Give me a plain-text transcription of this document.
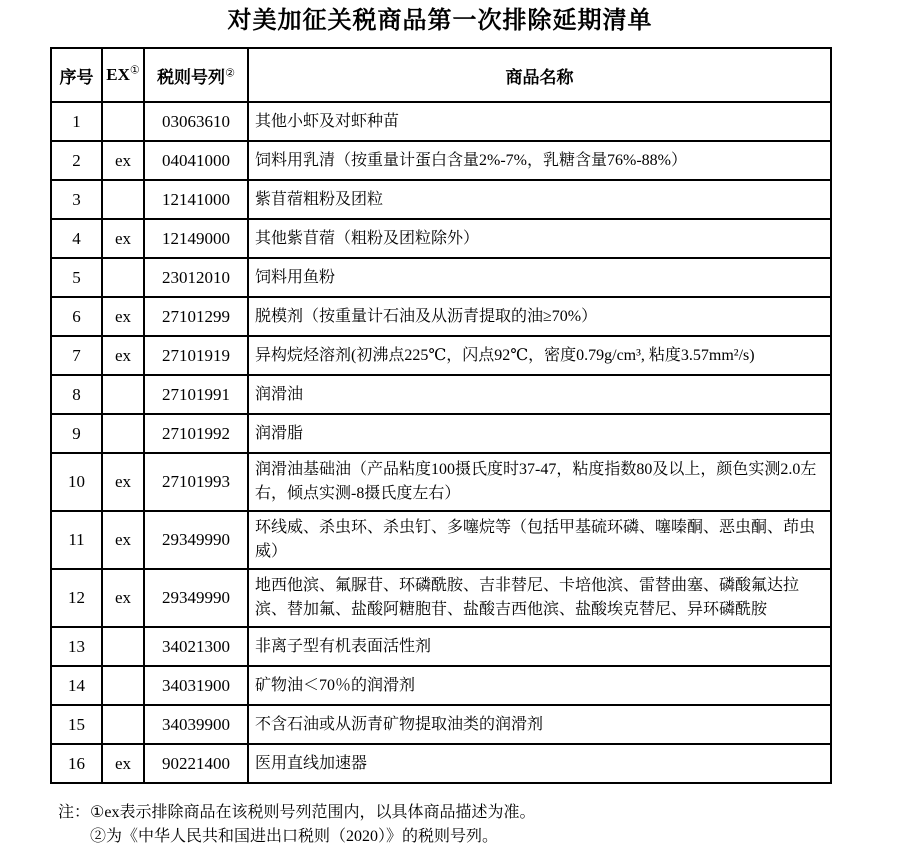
对美加征关税商品第一次排除延期清单
序号	EX①	税则号列②	商品名称
1		03063610	其他小虾及对虾种苗
2	ex	04041000	饲料用乳清（按重量计蛋白含量2%-7%，乳糖含量76%-88%）
3		12141000	紫苜蓿粗粉及团粒
4	ex	12149000	其他紫苜蓿（粗粉及团粒除外）
5		23012010	饲料用鱼粉
6	ex	27101299	脱模剂（按重量计石油及从沥青提取的油≥70%）
7	ex	27101919	异构烷烃溶剂(初沸点225℃，闪点92℃，密度0.79g/cm³, 粘度3.57mm²/s)
8		27101991	润滑油
9		27101992	润滑脂
10	ex	27101993	润滑油基础油（产品粘度100摄氏度时37-47，粘度指数80及以上，颜色实测2.0左右，倾点实测-8摄氏度左右）
11	ex	29349990	环线威、杀虫环、杀虫钉、多噻烷等（包括甲基硫环磷、噻嗪酮、恶虫酮、茚虫威）
12	ex	29349990	地西他滨、氟脲苷、环磷酰胺、吉非替尼、卡培他滨、雷替曲塞、磷酸氟达拉滨、替加氟、盐酸阿糖胞苷、盐酸吉西他滨、盐酸埃克替尼、异环磷酰胺
13		34021300	非离子型有机表面活性剂
14		34031900	矿物油＜70％的润滑剂
15		34039900	不含石油或从沥青矿物提取油类的润滑剂
16	ex	90221400	医用直线加速器
注： ①ex表示排除商品在该税则号列范围内，以具体商品描述为准。
②为《中华人民共和国进出口税则（2020）》的税则号列。
